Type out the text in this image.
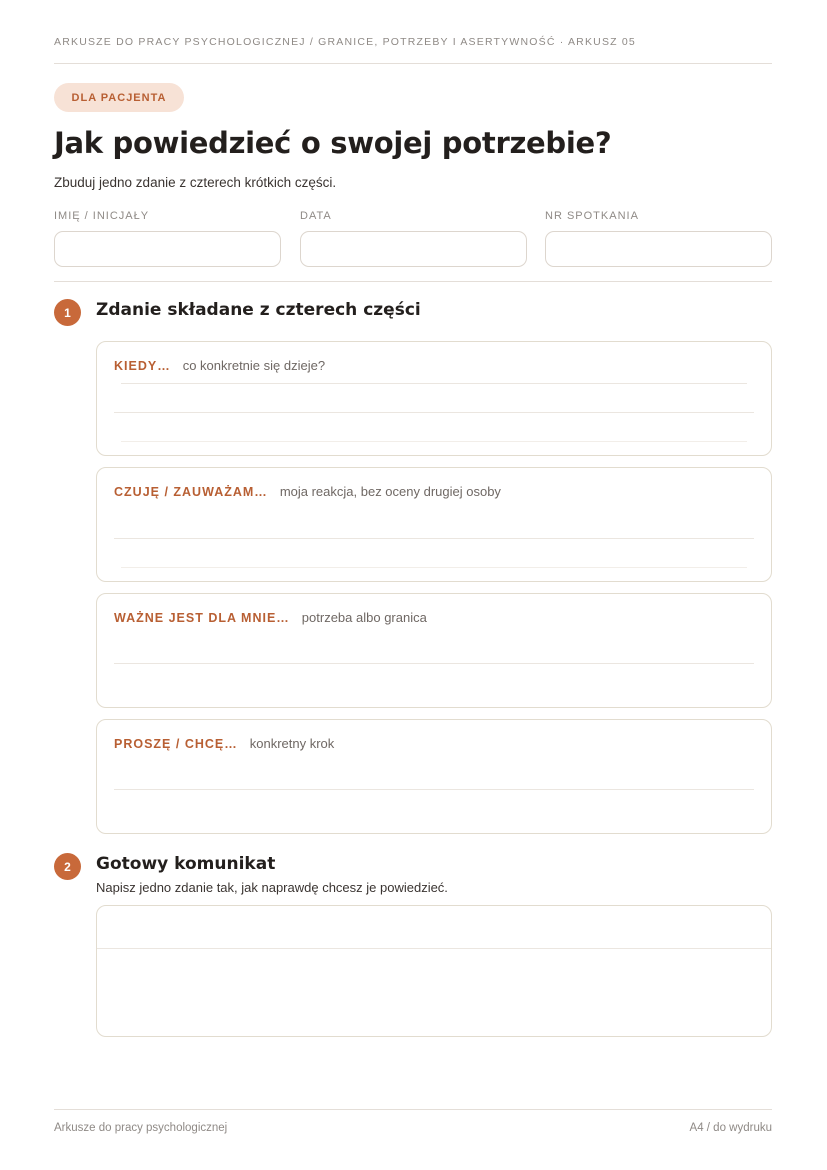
ARKUSZE DO PRACY PSYCHOLOGICZNEJ / GRANICE, POTRZEBY I ASERTYWNOŚĆ · ARKUSZ 05
DLA PACJENTA
Jak powiedzieć o swojej potrzebie?

Zbuduj jedno zdanie z czterech krótkich części.

IMIĘ / INICJAŁY	DATA	NR SPOTKANIA
1	Zdanie składane z czterech części
KIEDY… co konkretnie się dzieje?
CZUJĘ / ZAUWAŻAM… moja reakcja, bez oceny drugiej osoby
WAŻNE JEST DLA MNIE… potrzeba albo granica
PROSZĘ / CHCĘ… konkretny krok
2	Gotowy komunikat

Napisz jedno zdanie tak, jak naprawdę chcesz je powiedzieć.

Arkusze do pracy psychologicznej	A4 / do wydruku
